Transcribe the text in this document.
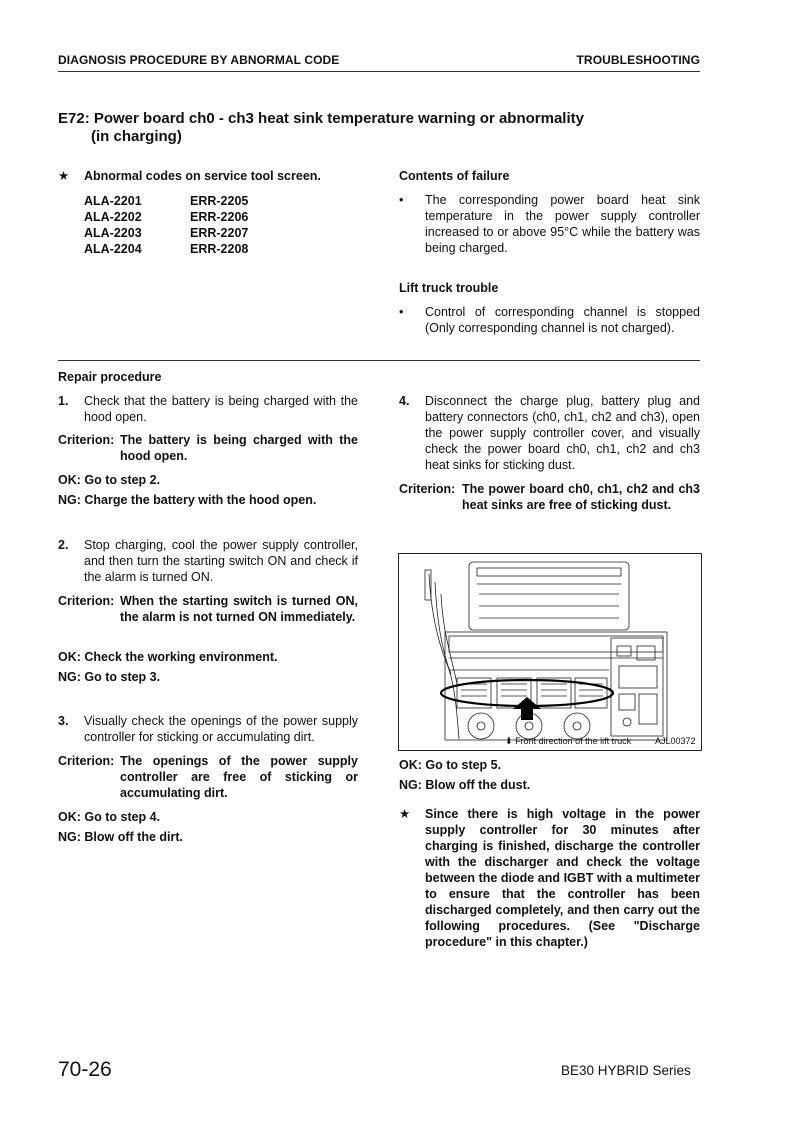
DIAGNOSIS PROCEDURE BY ABNORMAL CODE	TROUBLESHOOTING
E72: Power board ch0 - ch3 heat sink temperature warning or abnormality
(in charging)
★ Abnormal codes on service tool screen.
ALA-2201	ERR-2205
ALA-2202	ERR-2206
ALA-2203	ERR-2207
ALA-2204	ERR-2208
Contents of failure
• The corresponding power board heat sink temperature in the power supply controller increased to or above 95°C while the battery was being charged.
Lift truck trouble
• Control of corresponding channel is stopped (Only corresponding channel is not charged).
Repair procedure
1. Check that the battery is being charged with the hood open.
Criterion: The battery is being charged with the hood open.
OK: Go to step 2.
NG: Charge the battery with the hood open.
2. Stop charging, cool the power supply controller, and then turn the starting switch ON and check if the alarm is turned ON.
Criterion: When the starting switch is turned ON, the alarm is not turned ON immediately.
OK: Check the working environment.
NG: Go to step 3.
3. Visually check the openings of the power supply controller for sticking or accumulating dirt.
Criterion: The openings of the power supply controller are free of sticking or accumulating dirt.
OK: Go to step 4.
NG: Blow off the dirt.
4. Disconnect the charge plug, battery plug and battery connectors (ch0, ch1, ch2 and ch3), open the power supply controller cover, and visually check the power board ch0, ch1, ch2 and ch3 heat sinks for sticking dust.
Criterion: The power board ch0, ch1, ch2 and ch3 heat sinks are free of sticking dust.
⬇ Front direction of the lift truck	AJL00372
OK: Go to step 5.
NG: Blow off the dust.
★ Since there is high voltage in the power supply controller for 30 minutes after charging is finished, discharge the controller with the discharger and check the voltage between the diode and IGBT with a multimeter to ensure that the controller has been discharged completely, and then carry out the following procedures. (See "Discharge procedure" in this chapter.)
70-26	BE30 HYBRID Series
